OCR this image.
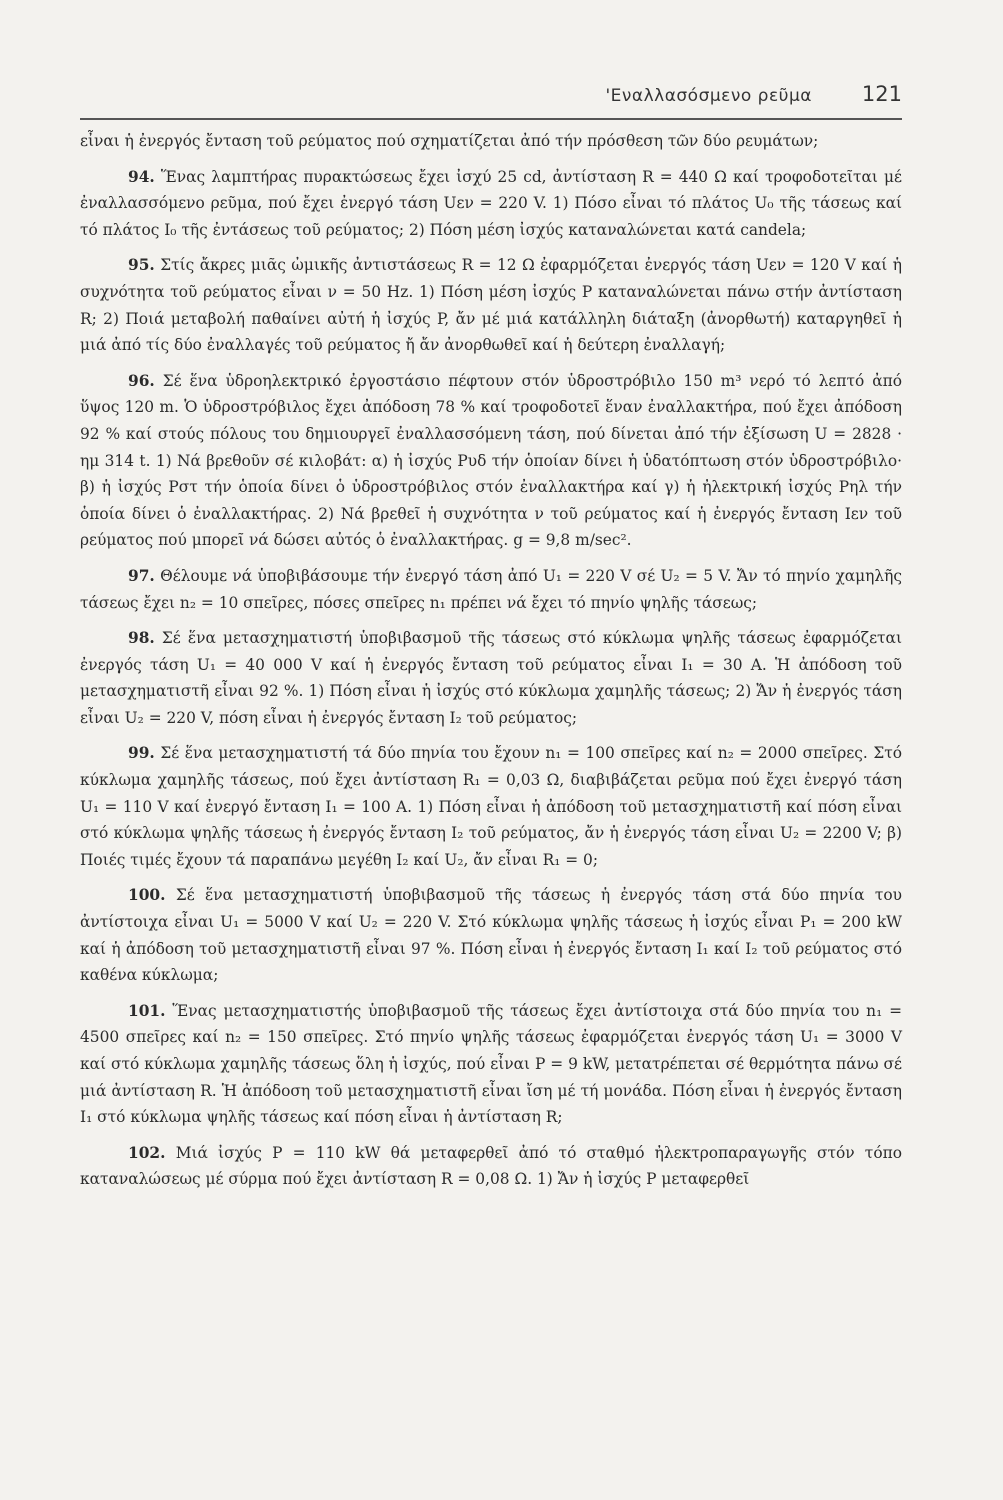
'Εναλλασόσμενο ρεῦμα 121

εἶναι ἡ ἐνεργός ἔνταση τοῦ ρεύματος πού σχηματίζεται ἀπό τήν πρόσθεση τῶν δύο ρευμάτων;

94. Ἕνας λαμπτήρας πυρακτώσεως ἔχει ἰσχύ 25 cd, ἀντίσταση R = 440 Ω καί τροφοδοτεῖται μέ ἐναλλασσόμενο ρεῦμα, πού ἔχει ἐνεργό τάση Uεν = 220 V. 1) Πόσο εἶναι τό πλάτος U₀ τῆς τάσεως καί τό πλάτος I₀ τῆς ἐντάσεως τοῦ ρεύματος; 2) Πόση μέση ἰσχύς καταναλώνεται κατά candela;

95. Στίς ἄκρες μιᾶς ὠμικῆς ἀντιστάσεως R = 12 Ω ἐφαρμόζεται ἐνεργός τάση Uεν = 120 V καί ἡ συχνότητα τοῦ ρεύματος εἶναι ν = 50 Hz. 1) Πόση μέση ἰσχύς P καταναλώνεται πάνω στήν ἀντίσταση R; 2) Ποιά μεταβολή παθαίνει αὐτή ἡ ἰσχύς P, ἄν μέ μιά κατάλληλη διάταξη (ἀνορθωτή) καταργηθεῖ ἡ μιά ἀπό τίς δύο ἐναλλαγές τοῦ ρεύματος ἤ ἄν ἀνορθωθεῖ καί ἡ δεύτερη ἐναλλαγή;

96. Σέ ἕνα ὑδροηλεκτρικό ἐργοστάσιο πέφτουν στόν ὑδροστρόβιλο 150 m³ νερό τό λεπτό ἀπό ὕψος 120 m. Ὁ ὑδροστρόβιλος ἔχει ἀπόδοση 78 % καί τροφοδοτεῖ ἕναν ἐναλλακτήρα, πού ἔχει ἀπόδοση 92 % καί στούς πόλους του δημιουργεῖ ἐναλλασσόμενη τάση, πού δίνεται ἀπό τήν ἐξίσωση U = 2828 · ημ 314 t. 1) Νά βρεθοῦν σέ κιλοβάτ: α) ἡ ἰσχύς Pυδ τήν ὁποίαν δίνει ἡ ὑδατόπτωση στόν ὑδροστρόβιλο· β) ἡ ἰσχύς Pστ τήν ὁποία δίνει ὁ ὑδροστρόβιλος στόν ἐναλλακτήρα καί γ) ἡ ἠλεκτρική ἰσχύς Pηλ τήν ὁποία δίνει ὁ ἐναλλακτήρας. 2) Νά βρεθεῖ ἡ συχνότητα ν τοῦ ρεύματος καί ἡ ἐνεργός ἔνταση Iεν τοῦ ρεύματος πού μπορεῖ νά δώσει αὐτός ὁ ἐναλλακτήρας. g = 9,8 m/sec².

97. Θέλουμε νά ὑποβιβάσουμε τήν ἐνεργό τάση ἀπό U₁ = 220 V σέ U₂ = 5 V. Ἄν τό πηνίο χαμηλῆς τάσεως ἔχει n₂ = 10 σπεῖρες, πόσες σπεῖρες n₁ πρέπει νά ἔχει τό πηνίο ψηλῆς τάσεως;

98. Σέ ἕνα μετασχηματιστή ὑποβιβασμοῦ τῆς τάσεως στό κύκλωμα ψηλῆς τάσεως ἐφαρμόζεται ἐνεργός τάση U₁ = 40 000 V καί ἡ ἐνεργός ἔνταση τοῦ ρεύματος εἶναι I₁ = 30 A. Ἡ ἀπόδοση τοῦ μετασχηματιστῆ εἶναι 92 %. 1) Πόση εἶναι ἡ ἰσχύς στό κύκλωμα χαμηλῆς τάσεως; 2) Ἄν ἡ ἐνεργός τάση εἶναι U₂ = 220 V, πόση εἶναι ἡ ἐνεργός ἔνταση I₂ τοῦ ρεύματος;

99. Σέ ἕνα μετασχηματιστή τά δύο πηνία του ἔχουν n₁ = 100 σπεῖρες καί n₂ = 2000 σπεῖρες. Στό κύκλωμα χαμηλῆς τάσεως, πού ἔχει ἀντίσταση R₁ = 0,03 Ω, διαβιβάζεται ρεῦμα πού ἔχει ἐνεργό τάση U₁ = 110 V καί ἐνεργό ἔνταση I₁ = 100 A. 1) Πόση εἶναι ἡ ἀπόδοση τοῦ μετασχηματιστῆ καί πόση εἶναι στό κύκλωμα ψηλῆς τάσεως ἡ ἐνεργός ἔνταση I₂ τοῦ ρεύματος, ἄν ἡ ἐνεργός τάση εἶναι U₂ = 2200 V; β) Ποιές τιμές ἔχουν τά παραπάνω μεγέθη I₂ καί U₂, ἄν εἶναι R₁ = 0;

100. Σέ ἕνα μετασχηματιστή ὑποβιβασμοῦ τῆς τάσεως ἡ ἐνεργός τάση στά δύο πηνία του ἀντίστοιχα εἶναι U₁ = 5000 V καί U₂ = 220 V. Στό κύκλωμα ψηλῆς τάσεως ἡ ἰσχύς εἶναι P₁ = 200 kW καί ἡ ἀπόδοση τοῦ μετασχηματιστῆ εἶναι 97 %. Πόση εἶναι ἡ ἐνεργός ἔνταση I₁ καί I₂ τοῦ ρεύματος στό καθένα κύκλωμα;

101. Ἕνας μετασχηματιστής ὑποβιβασμοῦ τῆς τάσεως ἔχει ἀντίστοιχα στά δύο πηνία του n₁ = 4500 σπεῖρες καί n₂ = 150 σπεῖρες. Στό πηνίο ψηλῆς τάσεως ἐφαρμόζεται ἐνεργός τάση U₁ = 3000 V καί στό κύκλωμα χαμηλῆς τάσεως ὅλη ἡ ἰσχύς, πού εἶναι P = 9 kW, μετατρέπεται σέ θερμότητα πάνω σέ μιά ἀντίσταση R. Ἡ ἀπόδοση τοῦ μετασχηματιστῆ εἶναι ἴση μέ τή μονάδα. Πόση εἶναι ἡ ἐνεργός ἔνταση I₁ στό κύκλωμα ψηλῆς τάσεως καί πόση εἶναι ἡ ἀντίσταση R;

102. Μιά ἰσχύς P = 110 kW θά μεταφερθεῖ ἀπό τό σταθμό ἠλεκτροπαραγωγῆς στόν τόπο καταναλώσεως μέ σύρμα πού ἔχει ἀντίσταση R = 0,08 Ω. 1) Ἄν ἡ ἰσχύς P μεταφερθεῖ
